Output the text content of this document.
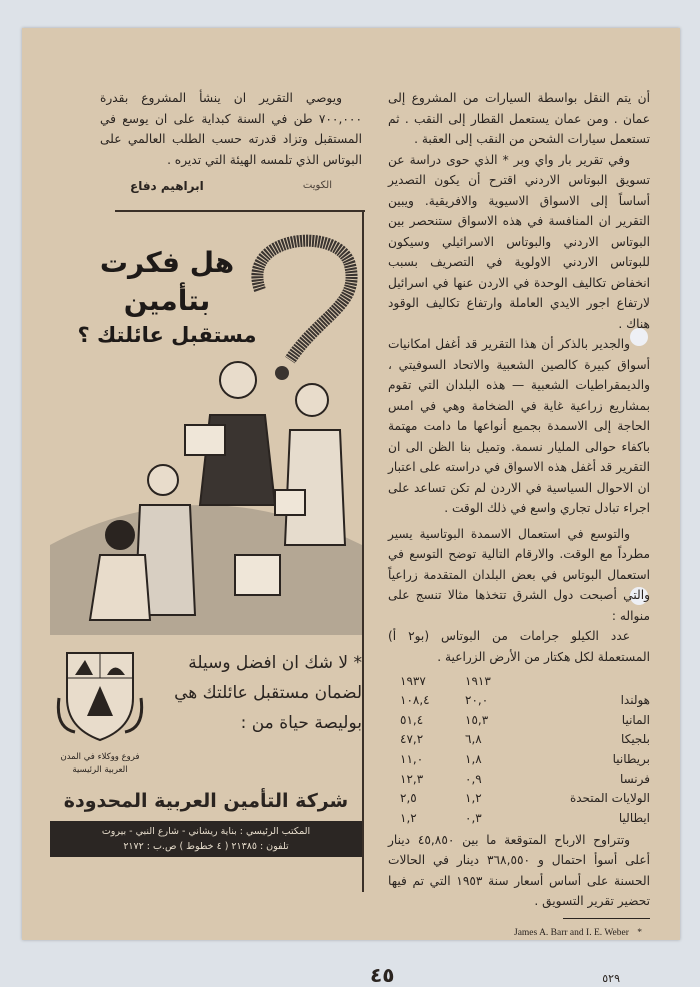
ويوصي التقرير ان ينشأ المشروع بقدرة ٧٠٠,٠٠٠ طن في السنة كبداية على ان يوسع في المستقبل وتزاد قدرته حسب الطلب العالمي على البوتاس الذي تلمسه الهيئة التي تديره .

الكويت
ابراهيم دفاع
هل فكرت بتأمين
مستقبل عائلتك ؟
فروع ووكلاء في المدن العربية الرئيسية
* لا شك ان افضل وسيلة لضمان مستقبل عائلتك هي بوليصة حياة من :
شركة التأمين العربية المحدودة
المكتب الرئيسي : بناية ريشاني - شارع النبي - بيروت
تلفون : ٢١٣٨٥ ( ٤ خطوط ) ص.ب : ٢١٧٢

أن يتم النقل بواسطة السيارات من المشروع إلى عمان . ومن عمان يستعمل القطار إلى النقب . ثم تستعمل سيارات الشحن من النقب إلى العقبة .

وفي تقرير بار واي وبر * الذي حوى دراسة عن تسويق البوتاس الاردني اقترح أن يكون التصدير أساساً إلى الاسواق الاسيوية والافريقية. ويبين التقرير ان المنافسة في هذه الاسواق ستنحصر بين البوتاس الاردني والبوتاس الاسرائيلي وسيكون للبوتاس الاردني الاولوية في التصريف بسبب انخفاض تكاليف الوحدة في الاردن عنها في اسرائيل لارتفاع اجور الايدي العاملة وارتفاع تكاليف الوقود هناك .

والجدير بالذكر أن هذا التقرير قد أغفل امكانيات أسواق كبيرة كالصين الشعبية والاتحاد السوفيتي ، والديمقراطيات الشعبية — هذه البلدان التي تقوم بمشاريع زراعية غاية في الضخامة وهي في امس الحاجة إلى الاسمدة بجميع أنواعها ما دامت مهتمة باكفاء حوالى المليار نسمة. وتميل بنا الظن الى ان التقرير قد أغفل هذه الاسواق في دراسته على اعتبار ان الاحوال السياسية في الاردن لم تكن تساعد على اجراء تبادل تجاري واسع في ذلك الوقت .

والتوسع في استعمال الاسمدة البوتاسية يسير مطرداً مع الوقت. والارقام التالية توضح التوسع في استعمال البوتاس في بعض البلدان المتقدمة زراعياً والتي أصبحت دول الشرق تتخذها مثالا تنسج على منواله :

عدد الكيلو جرامات من البوتاس (بو٢ أ) المستعملة لكل هكتار من الأرض الزراعية .

١٩١٣
١٩٣٧
هولندا
٢٠,٠
١٠٨,٤
المانيا
١٥,٣
٥١,٤
بلجيكا
٦,٨
٤٧,٢
بريطانيا
١,٨
١١,٠
فرنسا
٠,٩
١٢,٣
الولايات المتحدة
١,٢
٢,٥
ايطاليا
٠,٣
١,٢

وتتراوح الارباح المتوقعة ما بين ٤٥,٨٥٠ دينار أعلى أسوأ احتمال و ٣٦٨,٥٥٠ دينار في الحالات الحسنة على أساس أسعار سنة ١٩٥٣ التي تم فيها تحضير تقرير التسويق .

James A. Barr and I. E. Weber *
٤٥	٥٢٩
